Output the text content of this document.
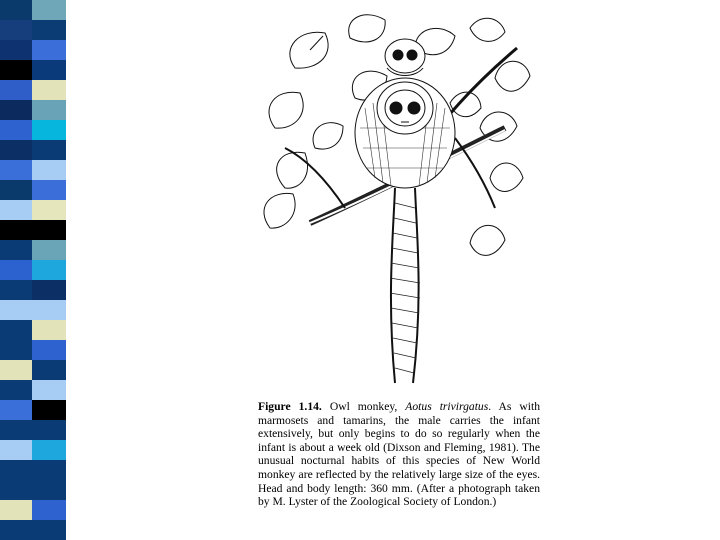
Figure 1.14. Owl monkey, Aotus trivirgatus. As with marmosets and tamarins, the male carries the infant extensively, but only begins to do so regularly when the infant is about a week old (Dixson and Fleming, 1981). The unusual nocturnal habits of this species of New World monkey are reflected by the relatively large size of the eyes. Head and body length: 360 mm. (After a photograph taken by M. Lyster of the Zoological Society of London.)
